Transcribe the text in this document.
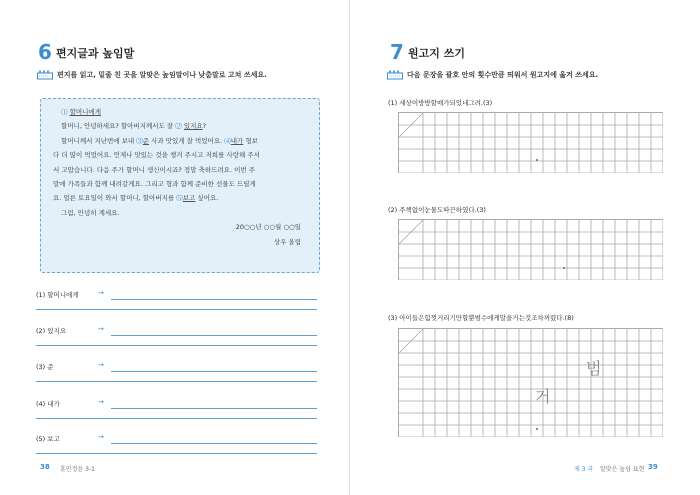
6 편지글과 높임말
편지를 읽고, 밑줄 친 곳을 알맞은 높임말이나 낮춤말로 고쳐 쓰세요.

⑴ 할머니에게

할머니, 안녕하세요? 할아버지께서도 잘 ⑵ 있지요?

할머니께서 지난번에 보내 ⑶준 사과 맛있게 잘 먹었어요. ⑷내가 형보

다 더 많이 먹었어요. 언제나 맛있는 것을 챙겨 주시고 저희를 사랑해 주셔

서 고맙습니다. 다음 주가 할머니 생신이시죠? 정말 축하드려요. 이번 주

말에 가족들과 함께 내려갈게요. 그리고 형과 함께 준비한 선물도 드릴게

요. 얼른 토요일이 와서 할머니, 할아버지를 ⑸보고 싶어요.

그럼, 안녕히 계세요.

20○○년 ○○월 ○○일

상우 올림

(1) 할머니에게	→
(2) 있지요	→
(3) 준	→
(4) 내가	→
(5) 보고	→
38 훈민정음 3-1
7 원고지 쓰기
다음 문장을 괄호 안의 횟수만큼 띄워서 원고지에 옮겨 쓰세요.
(1) 세상이방방할매가되었네그려.(3)
(2) 주책없이눈물도따끈하였다.(3)
(3) 아이들은힘껏거리기만할뿐범수에게말을거는것조차꺼렸다.(8)
범
거
제 3 과 알맞은 높임 표현 39
